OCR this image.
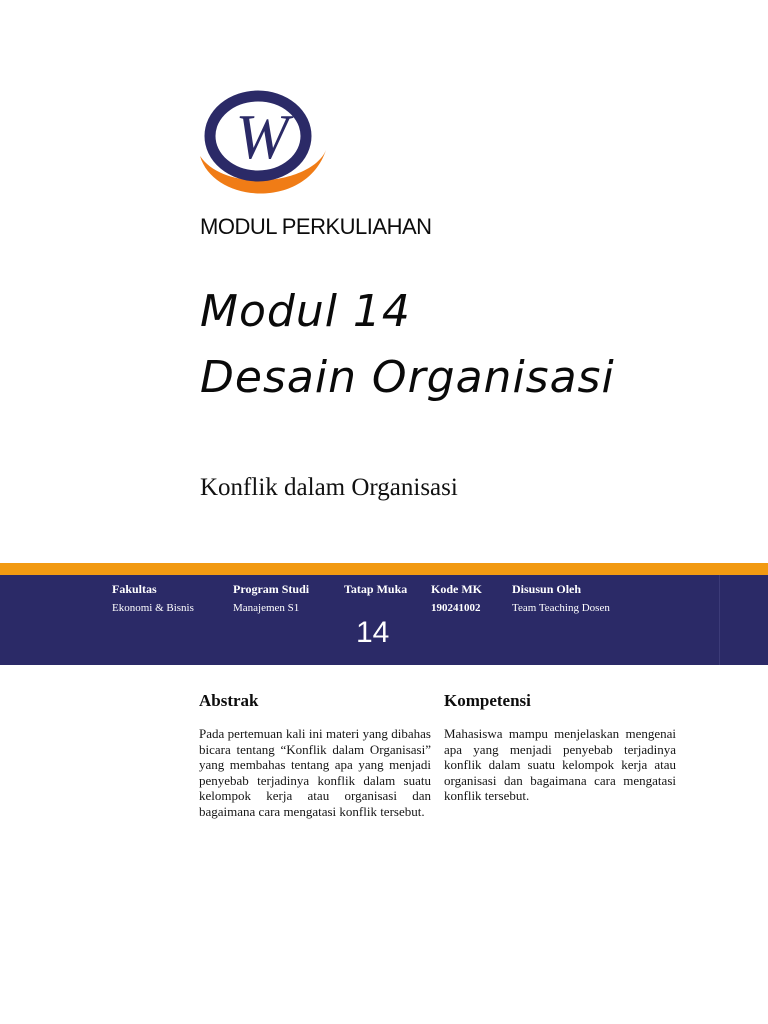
W
MODUL PERKULIAHAN
Modul 14
Desain Organisasi
Konflik dalam Organisasi
Fakultas
Ekonomi & Bisnis
Program Studi
Manajemen S1
Tatap Muka
14
Kode MK
190241002
Disusun Oleh
Team Teaching Dosen
Abstrak
Pada pertemuan kali ini materi yang dibahas bicara tentang “Konflik dalam Organisasi” yang membahas tentang apa yang menjadi penyebab terjadinya konflik dalam suatu kelompok kerja atau organisasi dan bagaimana cara mengatasi konflik tersebut.
Kompetensi
Mahasiswa mampu menjelaskan mengenai apa yang menjadi penyebab terjadinya konflik dalam suatu kelompok kerja atau organisasi dan bagaimana cara mengatasi konflik tersebut.
